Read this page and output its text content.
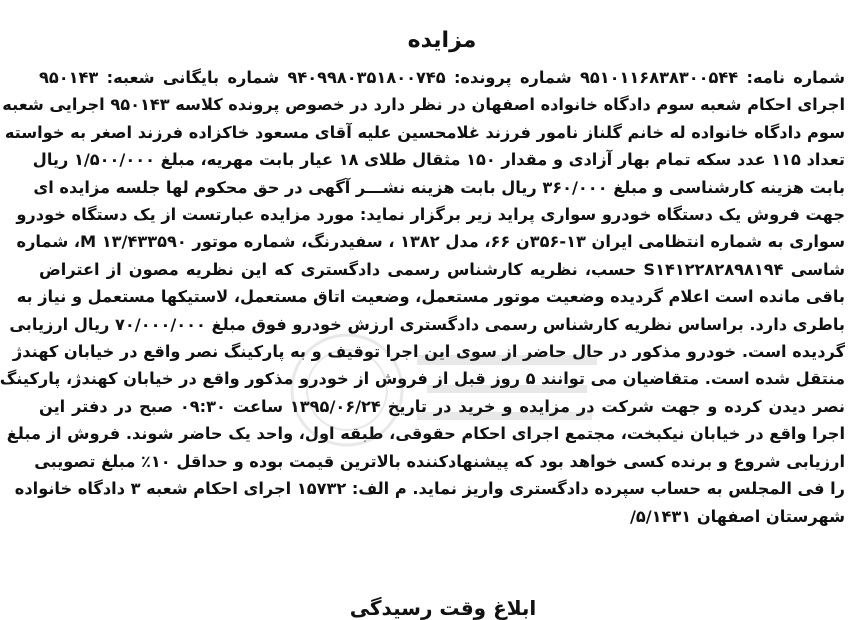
مزایده
شماره نامه: ۹۵۱۰۱۱۶۸۳۸۳۰۰۵۴۴ شماره پرونده: ۹۴۰۹۹۸۰۳۵۱۸۰۰۷۴۵ شماره بایگانی شعبه: ۹۵۰۱۴۳
اجرای احکام شعبه سوم دادگاه خانواده اصفهان در نظر دارد در خصوص پرونده کلاسه ۹۵۰۱۴۳ اجرایی شعبه
سوم دادگاه خانواده له خانم گلناز نامور فرزند غلامحسین علیه آقای مسعود خاکزاده فرزند اصغر به خواسته
تعداد ۱۱۵ عدد سکه تمام بهار آزادی و مقدار ۱۵۰ مثقال طلای ۱۸ عیار بابت مهریه، مبلغ ۱/۵۰۰/۰۰۰ ریال
بابت هزینه کارشناسی و مبلغ ۳۶۰/۰۰۰ ریال بابت هزینه نشـــر آگهی در حق محکوم لها جلسه مزایده ای
جهت فروش یک دستگاه خودرو سواری پراید زیر برگزار نماید: مورد مزایده عبارتست از یک دستگاه خودرو
سواری به شماره انتظامی ایران ۱۳-۳۵۶ن ۶۶، مدل ۱۳۸۲ ، سفیدرنگ، شماره موتور M ۱۳/۴۳۳۵۹۰، شماره
شاسی S۱۴۱۲۲۸۲۸۹۸۱۹۴ حسب، نظریه کارشناس رسمی دادگستری که این نظریه مصون از اعتراض
باقی مانده است اعلام گردیده وضعیت موتور مستعمل، وضعیت اتاق مستعمل، لاستیکها مستعمل و نیاز به
باطری دارد. براساس نظریه کارشناس رسمی دادگستری ارزش خودرو فوق مبلغ ۷۰/۰۰۰/۰۰۰ ریال ارزیابی
گردیده است. خودرو مذکور در حال حاضر از سوی این اجرا توقیف و به پارکینگ نصر واقع در خیابان کهندژ
منتقل شده است. متقاضیان می توانند ۵ روز قبل از فروش از خودرو مذکور واقع در خیابان کهندژ، پارکینگ
نصر دیدن کرده و جهت شرکت در مزایده و خرید در تاریخ ۱۳۹۵/۰۶/۲۴ ساعت ۰۹:۳۰ صبح در دفتر این
اجرا واقع در خیابان نیکبخت، مجتمع اجرای احکام حقوقی، طبقه اول، واحد یک حاضر شوند. فروش از مبلغ
ارزیابی شروع و برنده کسی خواهد بود که پیشنهادکننده بالاترین قیمت بوده و حداقل ۱۰٪ مبلغ تصویبی
را فی المجلس به حساب سپرده دادگستری واریز نماید. م الف: ۱۵۷۳۲ اجرای احکام شعبه ۳ دادگاه خانواده
شهرستان اصفهان ۵/۱۴۳۱/
ابلاغ وقت رسیدگی
